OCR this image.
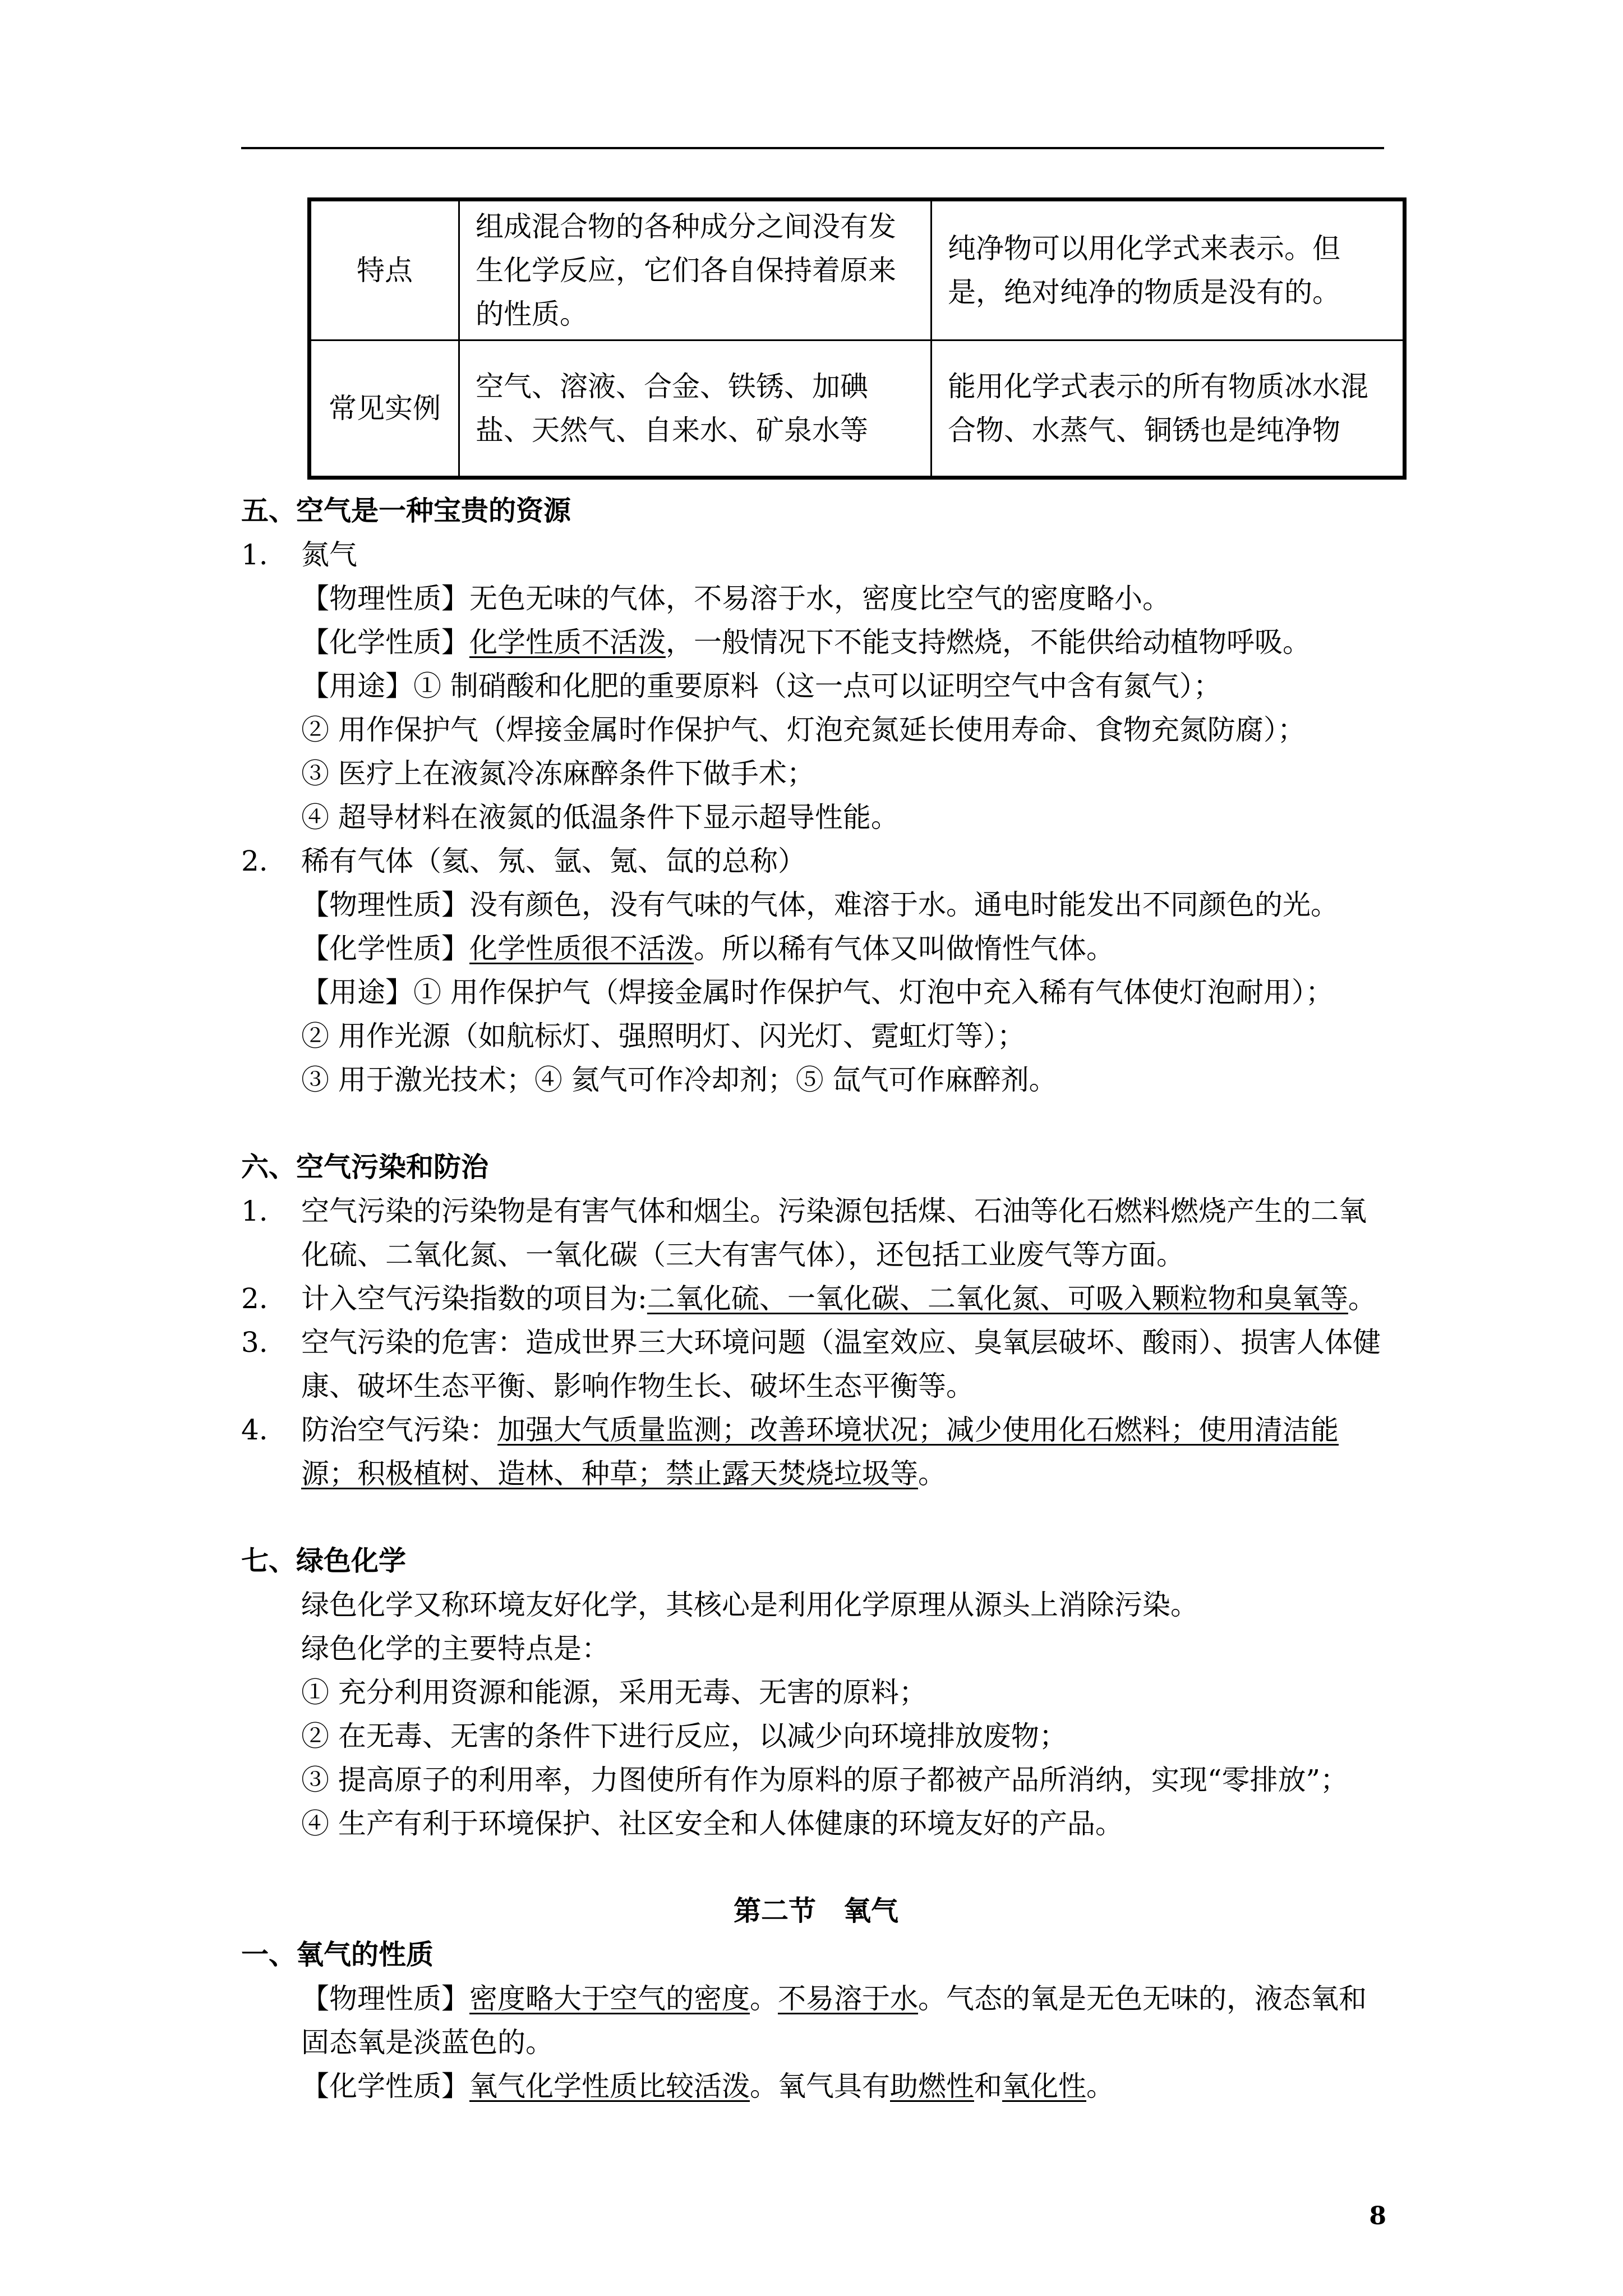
特点	组成混合物的各种成分之间没有发生化学反应，它们各自保持着原来的性质。	纯净物可以用化学式来表示。但是，绝对纯净的物质是没有的。
常见实例	空气、溶液、合金、铁锈、加碘盐、天然气、自来水、矿泉水等	能用化学式表示的所有物质冰水混合物、水蒸气、铜锈也是纯净物
五、空气是一种宝贵的资源
1.	氮气
【物理性质】无色无味的气体，不易溶于水，密度比空气的密度略小。
【化学性质】化学性质不活泼，一般情况下不能支持燃烧，不能供给动植物呼吸。
【用途】① 制硝酸和化肥的重要原料（这一点可以证明空气中含有氮气）；
② 用作保护气（焊接金属时作保护气、灯泡充氮延长使用寿命、食物充氮防腐）；
③ 医疗上在液氮冷冻麻醉条件下做手术；
④ 超导材料在液氮的低温条件下显示超导性能。
2.	稀有气体（氦、氖、氩、氪、氙的总称）
【物理性质】没有颜色，没有气味的气体，难溶于水。通电时能发出不同颜色的光。
【化学性质】化学性质很不活泼。所以稀有气体又叫做惰性气体。
【用途】① 用作保护气（焊接金属时作保护气、灯泡中充入稀有气体使灯泡耐用）；
② 用作光源（如航标灯、强照明灯、闪光灯、霓虹灯等）；
③ 用于激光技术；④ 氦气可作冷却剂；⑤ 氙气可作麻醉剂。
六、空气污染和防治
1.	空气污染的污染物是有害气体和烟尘。污染源包括煤、石油等化石燃料燃烧产生的二氧化硫、二氧化氮、一氧化碳（三大有害气体），还包括工业废气等方面。
2.	计入空气污染指数的项目为:二氧化硫、一氧化碳、二氧化氮、可吸入颗粒物和臭氧等。
3.	空气污染的危害：造成世界三大环境问题（温室效应、臭氧层破坏、酸雨）、损害人体健康、破坏生态平衡、影响作物生长、破坏生态平衡等。
4.	防治空气污染：加强大气质量监测；改善环境状况；减少使用化石燃料；使用清洁能源；积极植树、造林、种草；禁止露天焚烧垃圾等。
七、绿色化学
绿色化学又称环境友好化学，其核心是利用化学原理从源头上消除污染。
绿色化学的主要特点是：
① 充分利用资源和能源，采用无毒、无害的原料；
② 在无毒、无害的条件下进行反应，以减少向环境排放废物；
③ 提高原子的利用率，力图使所有作为原料的原子都被产品所消纳，实现“零排放”；
④ 生产有利于环境保护、社区安全和人体健康的环境友好的产品。
第二节　氧气
一、氧气的性质
【物理性质】密度略大于空气的密度。不易溶于水。气态的氧是无色无味的，液态氧和固态氧是淡蓝色的。
【化学性质】氧气化学性质比较活泼。氧气具有助燃性和氧化性。
8
